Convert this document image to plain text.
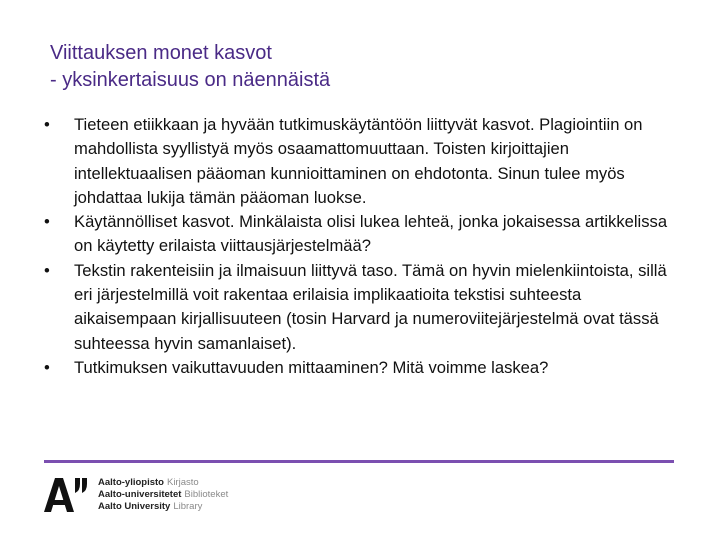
Viittauksen monet kasvot
- yksinkertaisuus on näennäistä
• Tieteen etiikkaan ja hyvään tutkimuskäytäntöön liittyvät kasvot. Plagiointiin on mahdollista syyllistyä myös osaamattomuuttaan. Toisten kirjoittajien intellektuaalisen pääoman kunnioittaminen on ehdotonta. Sinun tulee myös johdattaa lukija tämän pääoman luokse.
• Käytännölliset kasvot. Minkälaista olisi lukea lehteä, jonka jokaisessa artikkelissa on käytetty erilaista viittausjärjestelmää?
• Tekstin rakenteisiin ja ilmaisuun liittyvä taso. Tämä on hyvin mielenkiintoista, sillä eri järjestelmillä voit rakentaa erilaisia implikaatioita tekstisi suhteesta aikaisempaan kirjallisuuteen (tosin Harvard ja numeroviitejärjestelmä ovat tässä suhteessa hyvin samanlaiset).
• Tutkimuksen vaikuttavuuden mittaaminen? Mitä voimme laskea?
Aalto-yliopisto Kirjasto
Aalto-universitetet Biblioteket
Aalto University Library
